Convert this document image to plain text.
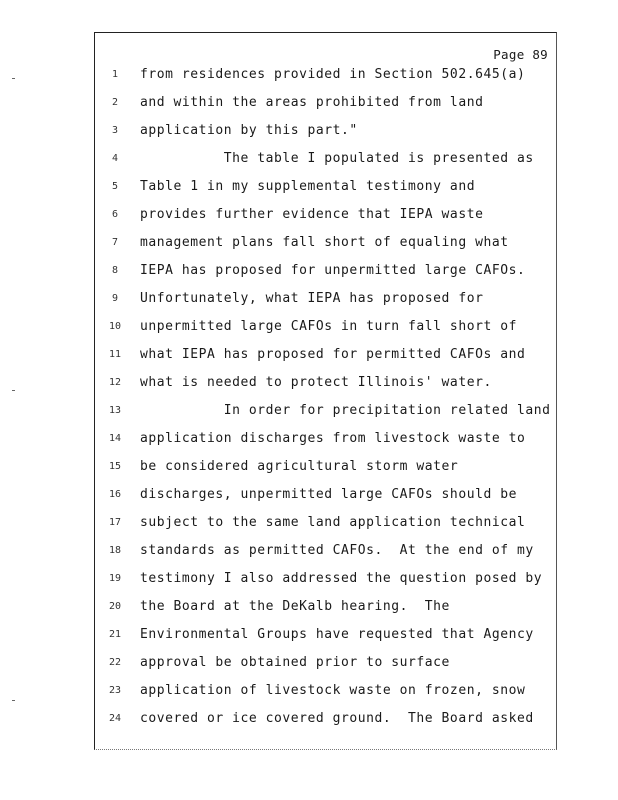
Page 89
1	from residences provided in Section 502.645(a)
2	and within the areas prohibited from land
3	application by this part."
4	The table I populated is presented as
5	Table 1 in my supplemental testimony and
6	provides further evidence that IEPA waste
7	management plans fall short of equaling what
8	IEPA has proposed for unpermitted large CAFOs.
9	Unfortunately, what IEPA has proposed for
10	unpermitted large CAFOs in turn fall short of
11	what IEPA has proposed for permitted CAFOs and
12	what is needed to protect Illinois' water.
13	In order for precipitation related land
14	application discharges from livestock waste to
15	be considered agricultural storm water
16	discharges, unpermitted large CAFOs should be
17	subject to the same land application technical
18	standards as permitted CAFOs.  At the end of my
19	testimony I also addressed the question posed by
20	the Board at the DeKalb hearing.  The
21	Environmental Groups have requested that Agency
22	approval be obtained prior to surface
23	application of livestock waste on frozen, snow
24	covered or ice covered ground.  The Board asked
